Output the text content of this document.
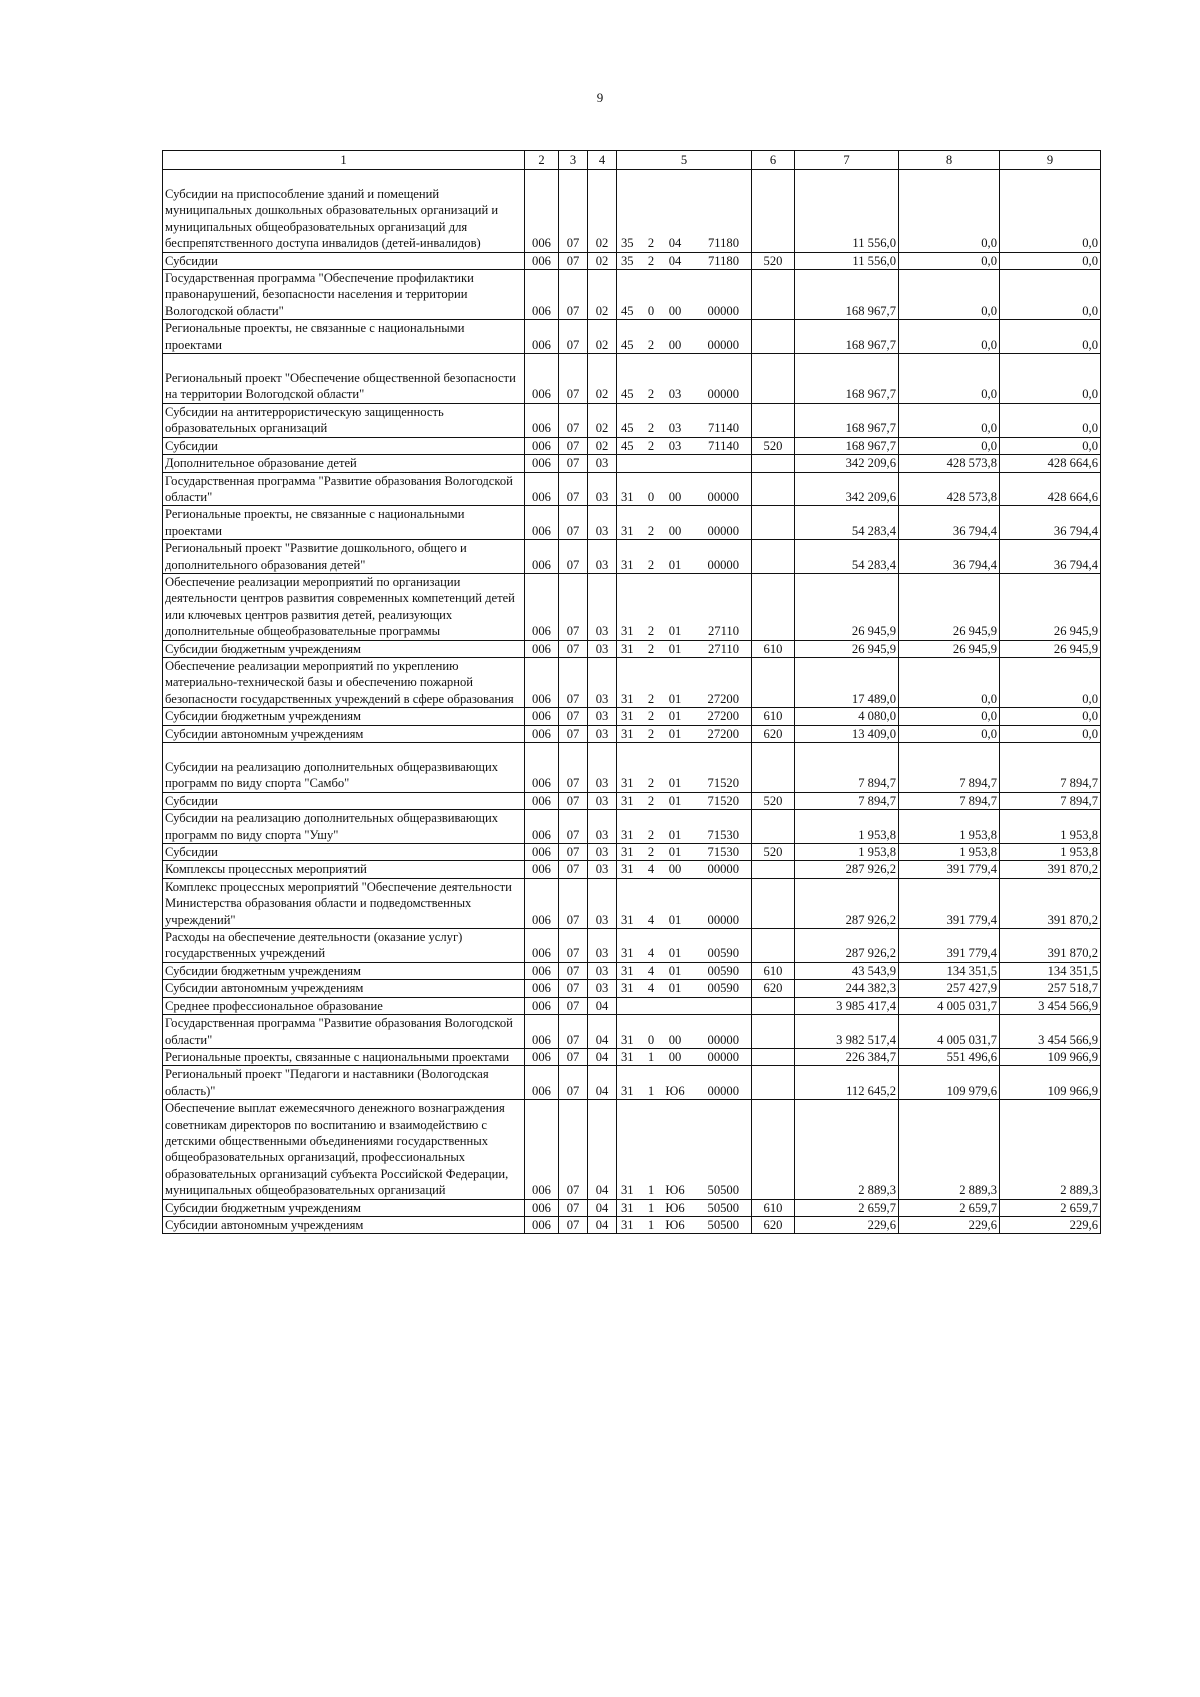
9
1	2	3	4	5	6	7	8	9
Субсидии на приспособление зданий и помещений муниципальных дошкольных образовательных организаций и муниципальных общеобразовательных организаций для беспрепятственного доступа инвалидов (детей-инвалидов)	006	07	02	35 2 04 71180		11 556,0	0,0	0,0
Субсидии	006	07	02	35 2 04 71180	520	11 556,0	0,0	0,0
Государственная программа "Обеспечение профилактики правонарушений, безопасности населения и территории Вологодской области"	006	07	02	45 0 00 00000		168 967,7	0,0	0,0
Региональные проекты, не связанные с национальными проектами	006	07	02	45 2 00 00000		168 967,7	0,0	0,0
Региональный проект "Обеспечение общественной безопасности на территории Вологодской области"	006	07	02	45 2 03 00000		168 967,7	0,0	0,0
Субсидии на антитеррористическую защищенность образовательных организаций	006	07	02	45 2 03 71140		168 967,7	0,0	0,0
Субсидии	006	07	02	45 2 03 71140	520	168 967,7	0,0	0,0
Дополнительное образование детей	006	07	03			342 209,6	428 573,8	428 664,6
Государственная программа "Развитие образования Вологодской области"	006	07	03	31 0 00 00000		342 209,6	428 573,8	428 664,6
Региональные проекты, не связанные с национальными проектами	006	07	03	31 2 00 00000		54 283,4	36 794,4	36 794,4
Региональный проект "Развитие дошкольного, общего и дополнительного образования детей"	006	07	03	31 2 01 00000		54 283,4	36 794,4	36 794,4
Обеспечение реализации мероприятий по организации деятельности центров развития современных компетенций детей или ключевых центров развития детей, реализующих дополнительные общеобразовательные программы	006	07	03	31 2 01 27110		26 945,9	26 945,9	26 945,9
Субсидии бюджетным учреждениям	006	07	03	31 2 01 27110	610	26 945,9	26 945,9	26 945,9
Обеспечение реализации мероприятий по укреплению материально-технической базы и обеспечению пожарной безопасности государственных учреждений в сфере образования	006	07	03	31 2 01 27200		17 489,0	0,0	0,0
Субсидии бюджетным учреждениям	006	07	03	31 2 01 27200	610	4 080,0	0,0	0,0
Субсидии автономным учреждениям	006	07	03	31 2 01 27200	620	13 409,0	0,0	0,0
Субсидии на реализацию дополнительных общеразвивающих программ по виду спорта "Самбо"	006	07	03	31 2 01 71520		7 894,7	7 894,7	7 894,7
Субсидии	006	07	03	31 2 01 71520	520	7 894,7	7 894,7	7 894,7
Субсидии на реализацию дополнительных общеразвивающих программ по виду спорта "Ушу"	006	07	03	31 2 01 71530		1 953,8	1 953,8	1 953,8
Субсидии	006	07	03	31 2 01 71530	520	1 953,8	1 953,8	1 953,8
Комплексы процессных мероприятий	006	07	03	31 4 00 00000		287 926,2	391 779,4	391 870,2
Комплекс процессных мероприятий "Обеспечение деятельности Министерства образования области и подведомственных учреждений"	006	07	03	31 4 01 00000		287 926,2	391 779,4	391 870,2
Расходы на обеспечение деятельности (оказание услуг) государственных учреждений	006	07	03	31 4 01 00590		287 926,2	391 779,4	391 870,2
Субсидии бюджетным учреждениям	006	07	03	31 4 01 00590	610	43 543,9	134 351,5	134 351,5
Субсидии автономным учреждениям	006	07	03	31 4 01 00590	620	244 382,3	257 427,9	257 518,7
Среднее профессиональное образование	006	07	04			3 985 417,4	4 005 031,7	3 454 566,9
Государственная программа "Развитие образования Вологодской области"	006	07	04	31 0 00 00000		3 982 517,4	4 005 031,7	3 454 566,9
Региональные проекты, связанные с национальными проектами	006	07	04	31 1 00 00000		226 384,7	551 496,6	109 966,9
Региональный проект "Педагоги и наставники (Вологодская область)"	006	07	04	31 1 Ю6 00000		112 645,2	109 979,6	109 966,9
Обеспечение выплат ежемесячного денежного вознаграждения советникам директоров по воспитанию и взаимодействию с детскими общественными объединениями государственных общеобразовательных организаций, профессиональных образовательных организаций субъекта Российской Федерации, муниципальных общеобразовательных организаций	006	07	04	31 1 Ю6 50500		2 889,3	2 889,3	2 889,3
Субсидии бюджетным учреждениям	006	07	04	31 1 Ю6 50500	610	2 659,7	2 659,7	2 659,7
Субсидии автономным учреждениям	006	07	04	31 1 Ю6 50500	620	229,6	229,6	229,6
